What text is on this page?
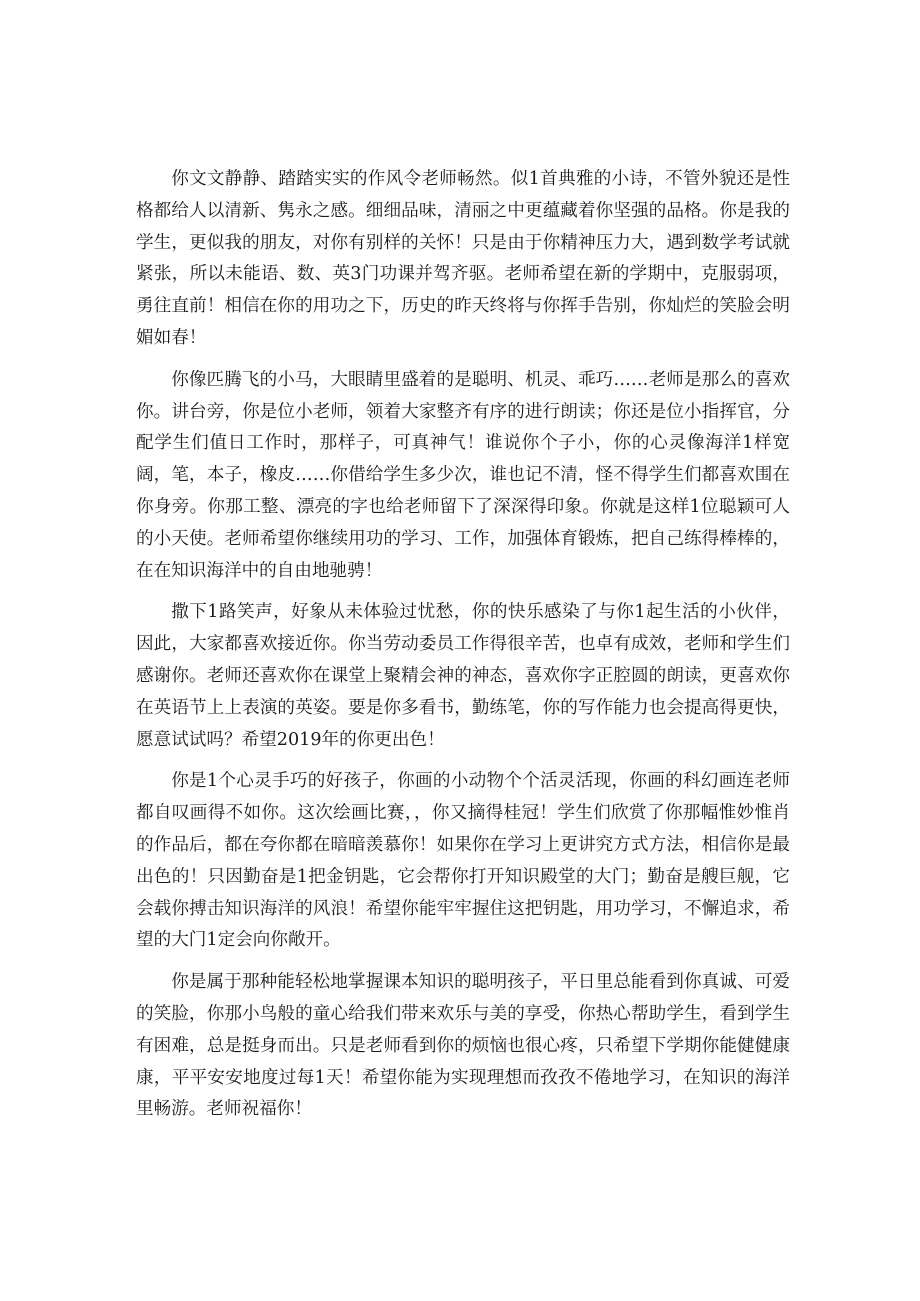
你文文静静、踏踏实实的作风令老师畅然。似1首典雅的小诗，不管外貌还是性格都给人以清新、隽永之感。细细品味，清丽之中更蕴藏着你坚强的品格。你是我的学生，更似我的朋友，对你有别样的关怀！只是由于你精神压力大，遇到数学考试就紧张，所以未能语、数、英3门功课并驾齐驱。老师希望在新的学期中，克服弱项，勇往直前！相信在你的用功之下，历史的昨天终将与你挥手告别，你灿烂的笑脸会明媚如春！

你像匹腾飞的小马，大眼睛里盛着的是聪明、机灵、乖巧……老师是那么的喜欢你。讲台旁，你是位小老师，领着大家整齐有序的进行朗读；你还是位小指挥官，分配学生们值日工作时，那样子，可真神气！谁说你个子小，你的心灵像海洋1样宽阔，笔，本子，橡皮……你借给学生多少次，谁也记不清，怪不得学生们都喜欢围在你身旁。你那工整、漂亮的字也给老师留下了深深得印象。你就是这样1位聪颖可人的小天使。老师希望你继续用功的学习、工作，加强体育锻炼，把自己练得棒棒的，在在知识海洋中的自由地驰骋！

撒下1路笑声，好象从未体验过忧愁，你的快乐感染了与你1起生活的小伙伴，因此，大家都喜欢接近你。你当劳动委员工作得很辛苦，也卓有成效，老师和学生们感谢你。老师还喜欢你在课堂上聚精会神的神态，喜欢你字正腔圆的朗读，更喜欢你在英语节上上表演的英姿。要是你多看书，勤练笔，你的写作能力也会提高得更快，愿意试试吗？希望2019年的你更出色！

你是1个心灵手巧的好孩子，你画的小动物个个活灵活现，你画的科幻画连老师都自叹画得不如你。这次绘画比赛，，你又摘得桂冠！学生们欣赏了你那幅惟妙惟肖的作品后，都在夸你都在暗暗羡慕你！如果你在学习上更讲究方式方法，相信你是最出色的！只因勤奋是1把金钥匙，它会帮你打开知识殿堂的大门；勤奋是艘巨舰，它会载你搏击知识海洋的风浪！希望你能牢牢握住这把钥匙，用功学习，不懈追求，希望的大门1定会向你敞开。

你是属于那种能轻松地掌握课本知识的聪明孩子，平日里总能看到你真诚、可爱的笑脸，你那小鸟般的童心给我们带来欢乐与美的享受，你热心帮助学生，看到学生有困难，总是挺身而出。只是老师看到你的烦恼也很心疼，只希望下学期你能健健康康，平平安安地度过每1天！希望你能为实现理想而孜孜不倦地学习，在知识的海洋里畅游。老师祝福你！
